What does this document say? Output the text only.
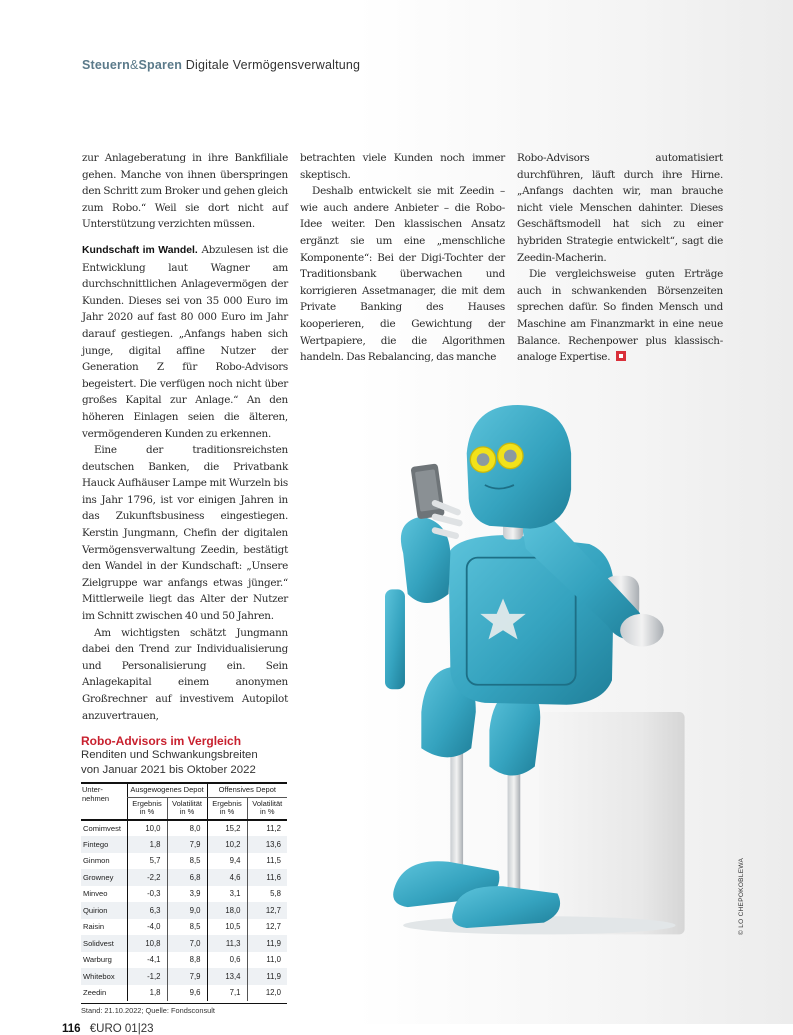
Steuern&Sparen Digitale Vermögensverwaltung

zur Anlageberatung in ihre Bankfiliale gehen. Manche von ihnen überspringen den Schritt zum Broker und gehen gleich zum Robo.“ Weil sie dort nicht auf Unterstützung verzichten müssen.

Kundschaft im Wandel. Abzulesen ist die Entwicklung laut Wagner am durchschnittlichen Anlagevermögen der Kunden. Dieses sei von 35 000 Euro im Jahr 2020 auf fast 80 000 Euro im Jahr darauf gestiegen. „Anfangs haben sich junge, digital affine Nutzer der Generation Z für Robo-Advisors begeistert. Die verfügen noch nicht über großes Kapital zur Anlage.“ An den höheren Einlagen seien die älteren, vermögenderen Kunden zu erkennen.

Eine der traditionsreichsten deutschen Banken, die Privatbank Hauck Aufhäuser Lampe mit Wurzeln bis ins Jahr 1796, ist vor einigen Jahren in das Zukunftsbusiness eingestiegen. Kerstin Jungmann, Chefin der digitalen Vermögensverwaltung Zeedin, bestätigt den Wandel in der Kundschaft: „Unsere Zielgruppe war anfangs etwas jünger.“ Mittlerweile liegt das Alter der Nutzer im Schnitt zwischen 40 und 50 Jahren.

Am wichtigsten schätzt Jungmann dabei den Trend zur Individualisierung und Personalisierung ein. Sein Anlagekapital einem anonymen Großrechner auf investivem Autopilot anzuvertrauen,

betrachten viele Kunden noch immer skeptisch.

Deshalb entwickelt sie mit Zeedin – wie auch andere Anbieter – die Robo-Idee weiter. Den klassischen Ansatz ergänzt sie um eine „menschliche Komponente“: Bei der Digi-Tochter der Traditionsbank überwachen und korrigieren Assetmanager, die mit dem Private Banking des Hauses kooperieren, die Gewichtung der Wertpapiere, die die Algorithmen handeln. Das Rebalancing, das manche

Robo-Advisors automatisiert durchführen, läuft durch ihre Hirne. „Anfangs dachten wir, man brauche nicht viele Menschen dahinter. Dieses Geschäftsmodell hat sich zu einer hybriden Strategie entwickelt“, sagt die Zeedin-Macherin.

Die vergleichsweise guten Erträge auch in schwankenden Börsenzeiten sprechen dafür. So finden Mensch und Maschine am Finanzmarkt in eine neue Balance. Rechenpower plus klassisch-analoge Expertise.

© LO CHEPOKOBLEWA
Robo-Advisors im Vergleich
Renditen und Schwankungsbreiten
von Januar 2021 bis Oktober 2022
Unter-nehmen	Ausgewogenes Depot		Offensives Depot	
	Ergebnis in %	Volatilität in %	Ergebnis in %	Volatilität in %
Comimvest	10,0	8,0	15,2	11,2
Fintego	1,8	7,9	10,2	13,6
Ginmon	5,7	8,5	9,4	11,5
Growney	-2,2	6,8	4,6	11,6
Minveo	-0,3	3,9	3,1	5,8
Quirion	6,3	9,0	18,0	12,7
Raisin	-4,0	8,5	10,5	12,7
Solidvest	10,8	7,0	11,3	11,9
Warburg	-4,1	8,8	0,6	11,0
Whitebox	-1,2	7,9	13,4	11,9
Zeedin	1,8	9,6	7,1	12,0
Stand: 21.10.2022; Quelle: Fondsconsult
116 €URO 01|23
